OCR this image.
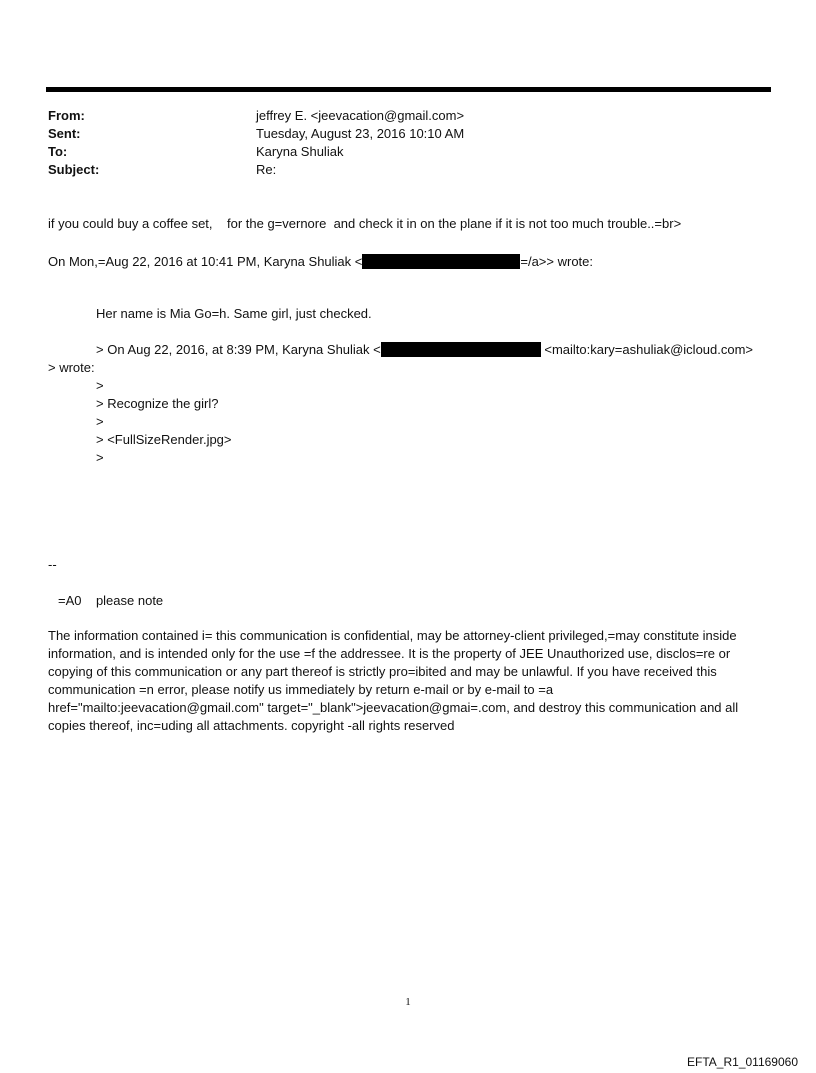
From:	jeffrey E. <jeevacation@gmail.com>
Sent:	Tuesday, August 23, 2016 10:10 AM
To:	Karyna Shuliak
Subject:	Re:
if you could buy a coffee set,    for the g=vernore  and check it in on the plane if it is not too much trouble..=br>
On Mon,=Aug 22, 2016 at 10:41 PM, Karyna Shuliak <	=/a>> wrote:
Her name is Mia Go=h. Same girl, just checked.
> On Aug 22, 2016, at 8:39 PM, Karyna Shuliak <	<mailto:kary=ashuliak@icloud.com>
> wrote:
>
> Recognize the girl?
>
> <FullSizeRender.jpg>
>
--
=A0    please note
The information contained i= this communication is confidential, may be attorney-client privileged,=may constitute inside information, and is intended only for the use =f the addressee. It is the property of JEE Unauthorized use, disclos=re or copying of this communication or any part thereof is strictly pro=ibited and may be unlawful. If you have received this communication =n error, please notify us immediately by return e-mail or by e-mail to =a href="mailto:jeevacation@gmail.com" target="_blank">jeevacation@gmai=.com, and destroy this communication and all copies thereof, inc=uding all attachments. copyright -all rights reserved
1
EFTA_R1_01169060
